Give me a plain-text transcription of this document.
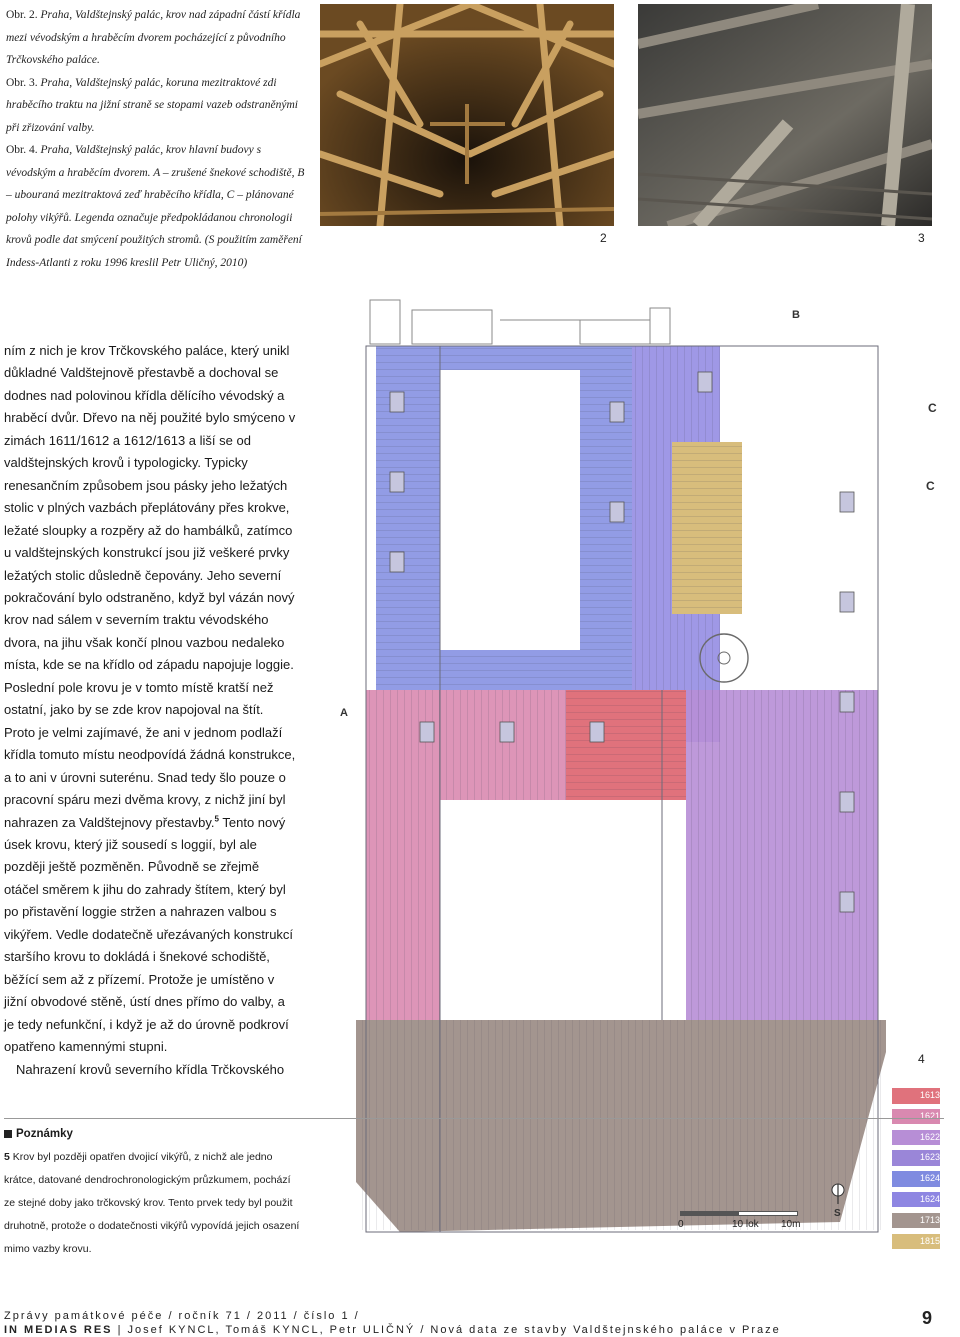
Obr. 2. Praha, Valdštejnský palác, krov nad západní částí křídla mezi vévodským a hraběcím dvorem pocházející z původního Trčkovského paláce.

Obr. 3. Praha, Valdštejnský palác, koruna mezitraktové zdi hraběcího traktu na jižní straně se stopami vazeb odstraněnými při zřizování valby.

Obr. 4. Praha, Valdštejnský palác, krov hlavní budovy s vévodským a hraběcím dvorem. A – zrušené šnekové schodiště, B – ubouraná mezitraktová zeď hraběcího křídla, C – plánované polohy vikýřů. Legenda označuje předpokládanou chronologii krovů podle dat smýcení použitých stromů. (S použitím zaměření Indess-Atlanti z roku 1996 kreslil Petr Uličný, 2010)

2	3

ním z nich je krov Trčkovského paláce, který unikl důkladné Valdštejnově přestavbě a dochoval se dodnes nad polovinou křídla dělícího vévodský a hraběcí dvůr. Dřevo na něj použité bylo smýceno v zimách 1611/1612 a 1612/1613 a liší se od valdštejnských krovů i typologicky. Typicky renesančním způsobem jsou pásky jeho ležatých stolic v plných vazbách přeplátovány přes krokve, ležaté sloupky a rozpěry až do hambálků, zatímco u valdštejnských konstrukcí jsou již veškeré prvky ležatých stolic důsledně čepovány. Jeho severní pokračování bylo odstraněno, když byl vázán nový krov nad sálem v severním traktu vévodského dvora, na jihu však končí plnou vazbou nedaleko místa, kde se na křídlo od západu napojuje loggie. Poslední pole krovu je v tomto místě kratší než ostatní, jako by se zde krov napojoval na štít. Proto je velmi zajímavé, že ani v jednom podlaží křídla tomuto místu neodpovídá žádná konstrukce, a to ani v úrovni suterénu. Snad tedy šlo pouze o pracovní spáru mezi dvěma krovy, z nichž jiní byl nahrazen za Valdštejnovy přestavby.$^5$ Tento nový úsek krovu, který již sousedí s loggií, byl ale později ještě pozměněn. Původně se zřejmě otáčel směrem k jihu do zahrady štítem, který byl po přistavění loggie stržen a nahrazen valbou s vikýřem. Vedle dodatečně uřezávaných konstrukcí staršího krovu to dokládá i šnekové schodiště, běžící sem až z přízemí. Protože je umístěno v jižní obvodové stěně, ústí dnes přímo do valby, a je tedy nefunkční, i když je až do úrovně podkroví opatřeno kamennými stupni.

Nahrazení krovů severního křídla Trčkovského

B
C
C
A
S
4
1613
1621
1622
1623
1624
1624+
1713
1815
0	10 lok 10m
Poznámky
5 Krov byl později opatřen dvojicí vikýřů, z nichž ale jedno krátce, datované dendrochronologickým průzkumem, pochází ze stejné doby jako trčkovský krov. Tento prvek tedy byl použit druhotně, protože o dodatečnosti vikýřů vypovídá jejich osazení mimo vazby krovu.
Zprávy památkové péče / ročník 71 / 2011 / číslo 1 /
IN MEDIAS RES | Josef KYNCL, Tomáš KYNCL, Petr ULIČNÝ / Nová data ze stavby Valdštejnského paláce v Praze
9
